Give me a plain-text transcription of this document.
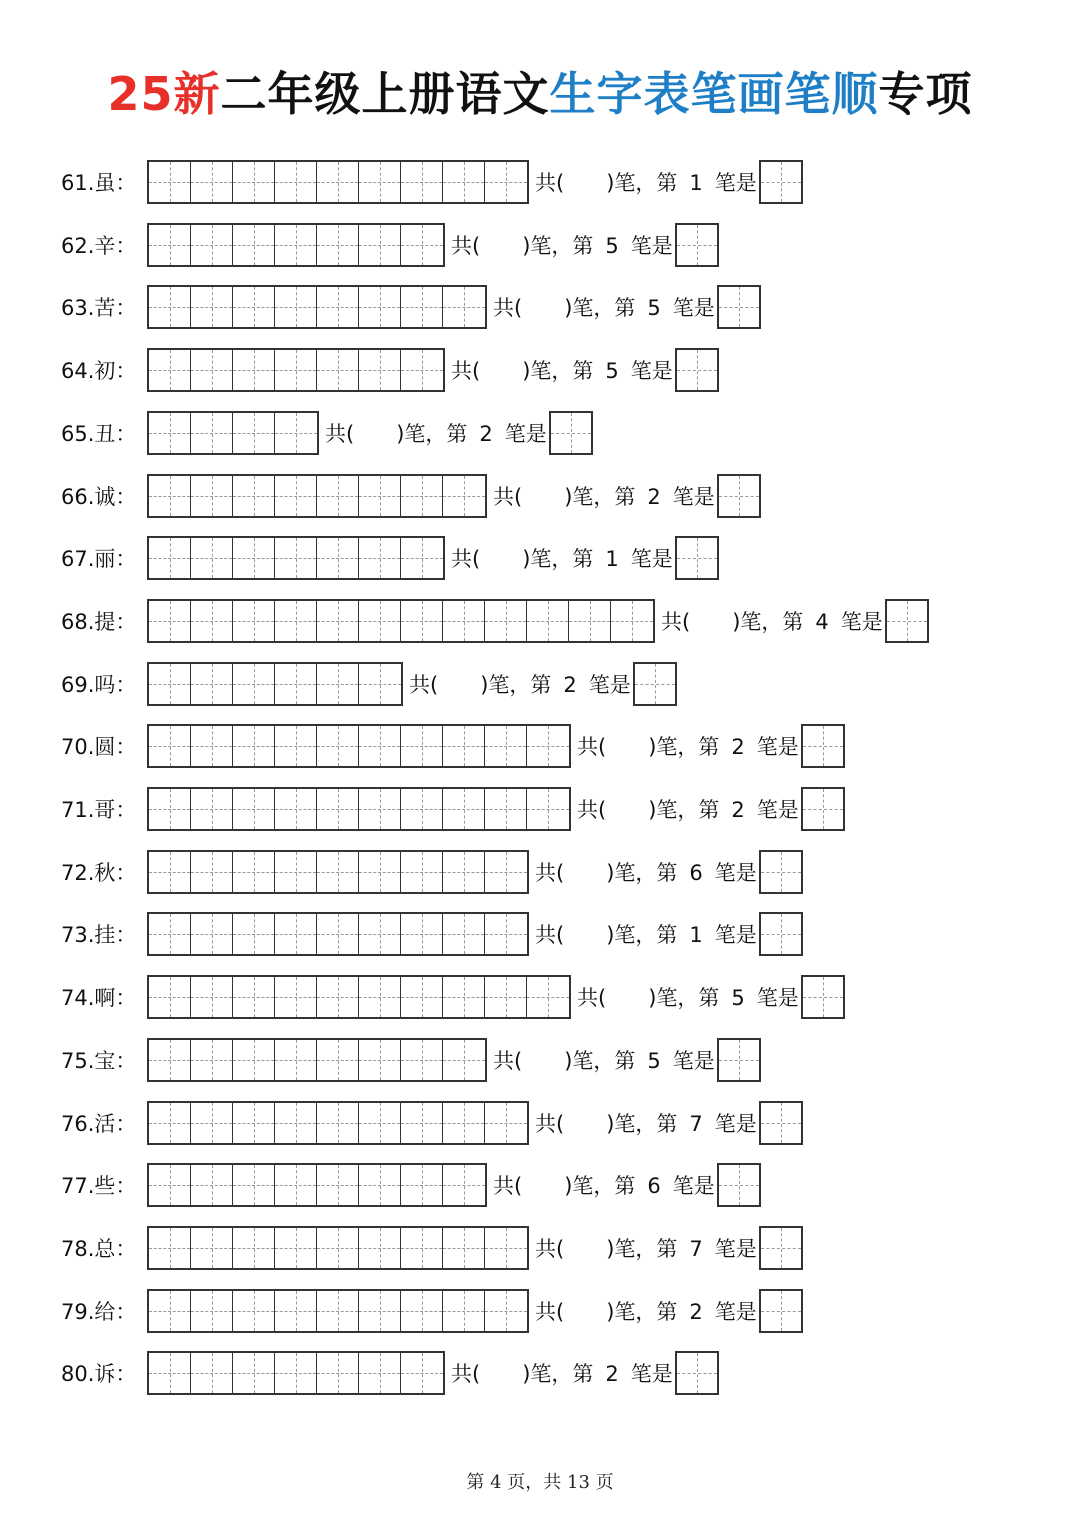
25新二年级上册语文生字表笔画笔顺专项
61.虽：	共( )笔，第 1 笔是
62.辛：	共( )笔，第 5 笔是
63.苦：	共( )笔，第 5 笔是
64.初：	共( )笔，第 5 笔是
65.丑：	共( )笔，第 2 笔是
66.诚：	共( )笔，第 2 笔是
67.丽：	共( )笔，第 1 笔是
68.提：	共( )笔，第 4 笔是
69.吗：	共( )笔，第 2 笔是
70.圆：	共( )笔，第 2 笔是
71.哥：	共( )笔，第 2 笔是
72.秋：	共( )笔，第 6 笔是
73.挂：	共( )笔，第 1 笔是
74.啊：	共( )笔，第 5 笔是
75.宝：	共( )笔，第 5 笔是
76.活：	共( )笔，第 7 笔是
77.些：	共( )笔，第 6 笔是
78.总：	共( )笔，第 7 笔是
79.给：	共( )笔，第 2 笔是
80.诉：	共( )笔，第 2 笔是
第 4 页，共 13 页
